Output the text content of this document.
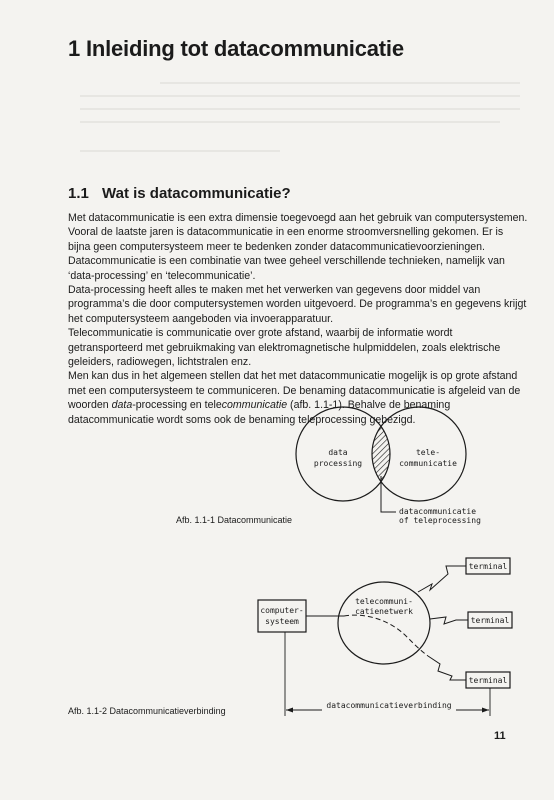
1 Inleiding tot datacommunicatie
1.1 Wat is datacommunicatie?

Met datacommunicatie is een extra dimensie toegevoegd aan het gebruik van computersystemen. Vooral de laatste jaren is datacommunicatie in een enorme stroomversnelling gekomen. Er is bijna geen computersysteem meer te bedenken zonder datacommunicatievoorzieningen. Datacommunicatie is een combinatie van twee geheel verschillende technieken, namelijk van ‘data-processing’ en ‘telecommunicatie’.

Data-processing heeft alles te maken met het verwerken van gegevens door middel van programma’s die door computersystemen worden uitgevoerd. De programma’s en gegevens krijgt het computersysteem aangeboden via invoerapparatuur.

Telecommunicatie is communicatie over grote afstand, waarbij de informatie wordt getransporteerd met gebruikmaking van elektromagnetische hulpmiddelen, zoals elektrische geleiders, radiowegen, lichtstralen enz.

Men kan dus in het algemeen stellen dat het met datacommunicatie mogelijk is op grote afstand met een computersysteem te communiceren. De benaming datacommunicatie is afgeleid van de woorden data-processing en telecommunicatie (afb. 1.1-1). Behalve de benaming datacommunicatie wordt soms ook de benaming teleprocessing gebezigd.

data
processing
tele-
communicatie
datacommunicatie
of teleprocessing
Afb. 1.1-1 Datacommunicatie
computer-
systeem
telecommuni-
catienetwerk
terminal
terminal
terminal
datacommunicatieverbinding
Afb. 1.1-2 Datacommunicatieverbinding
11
